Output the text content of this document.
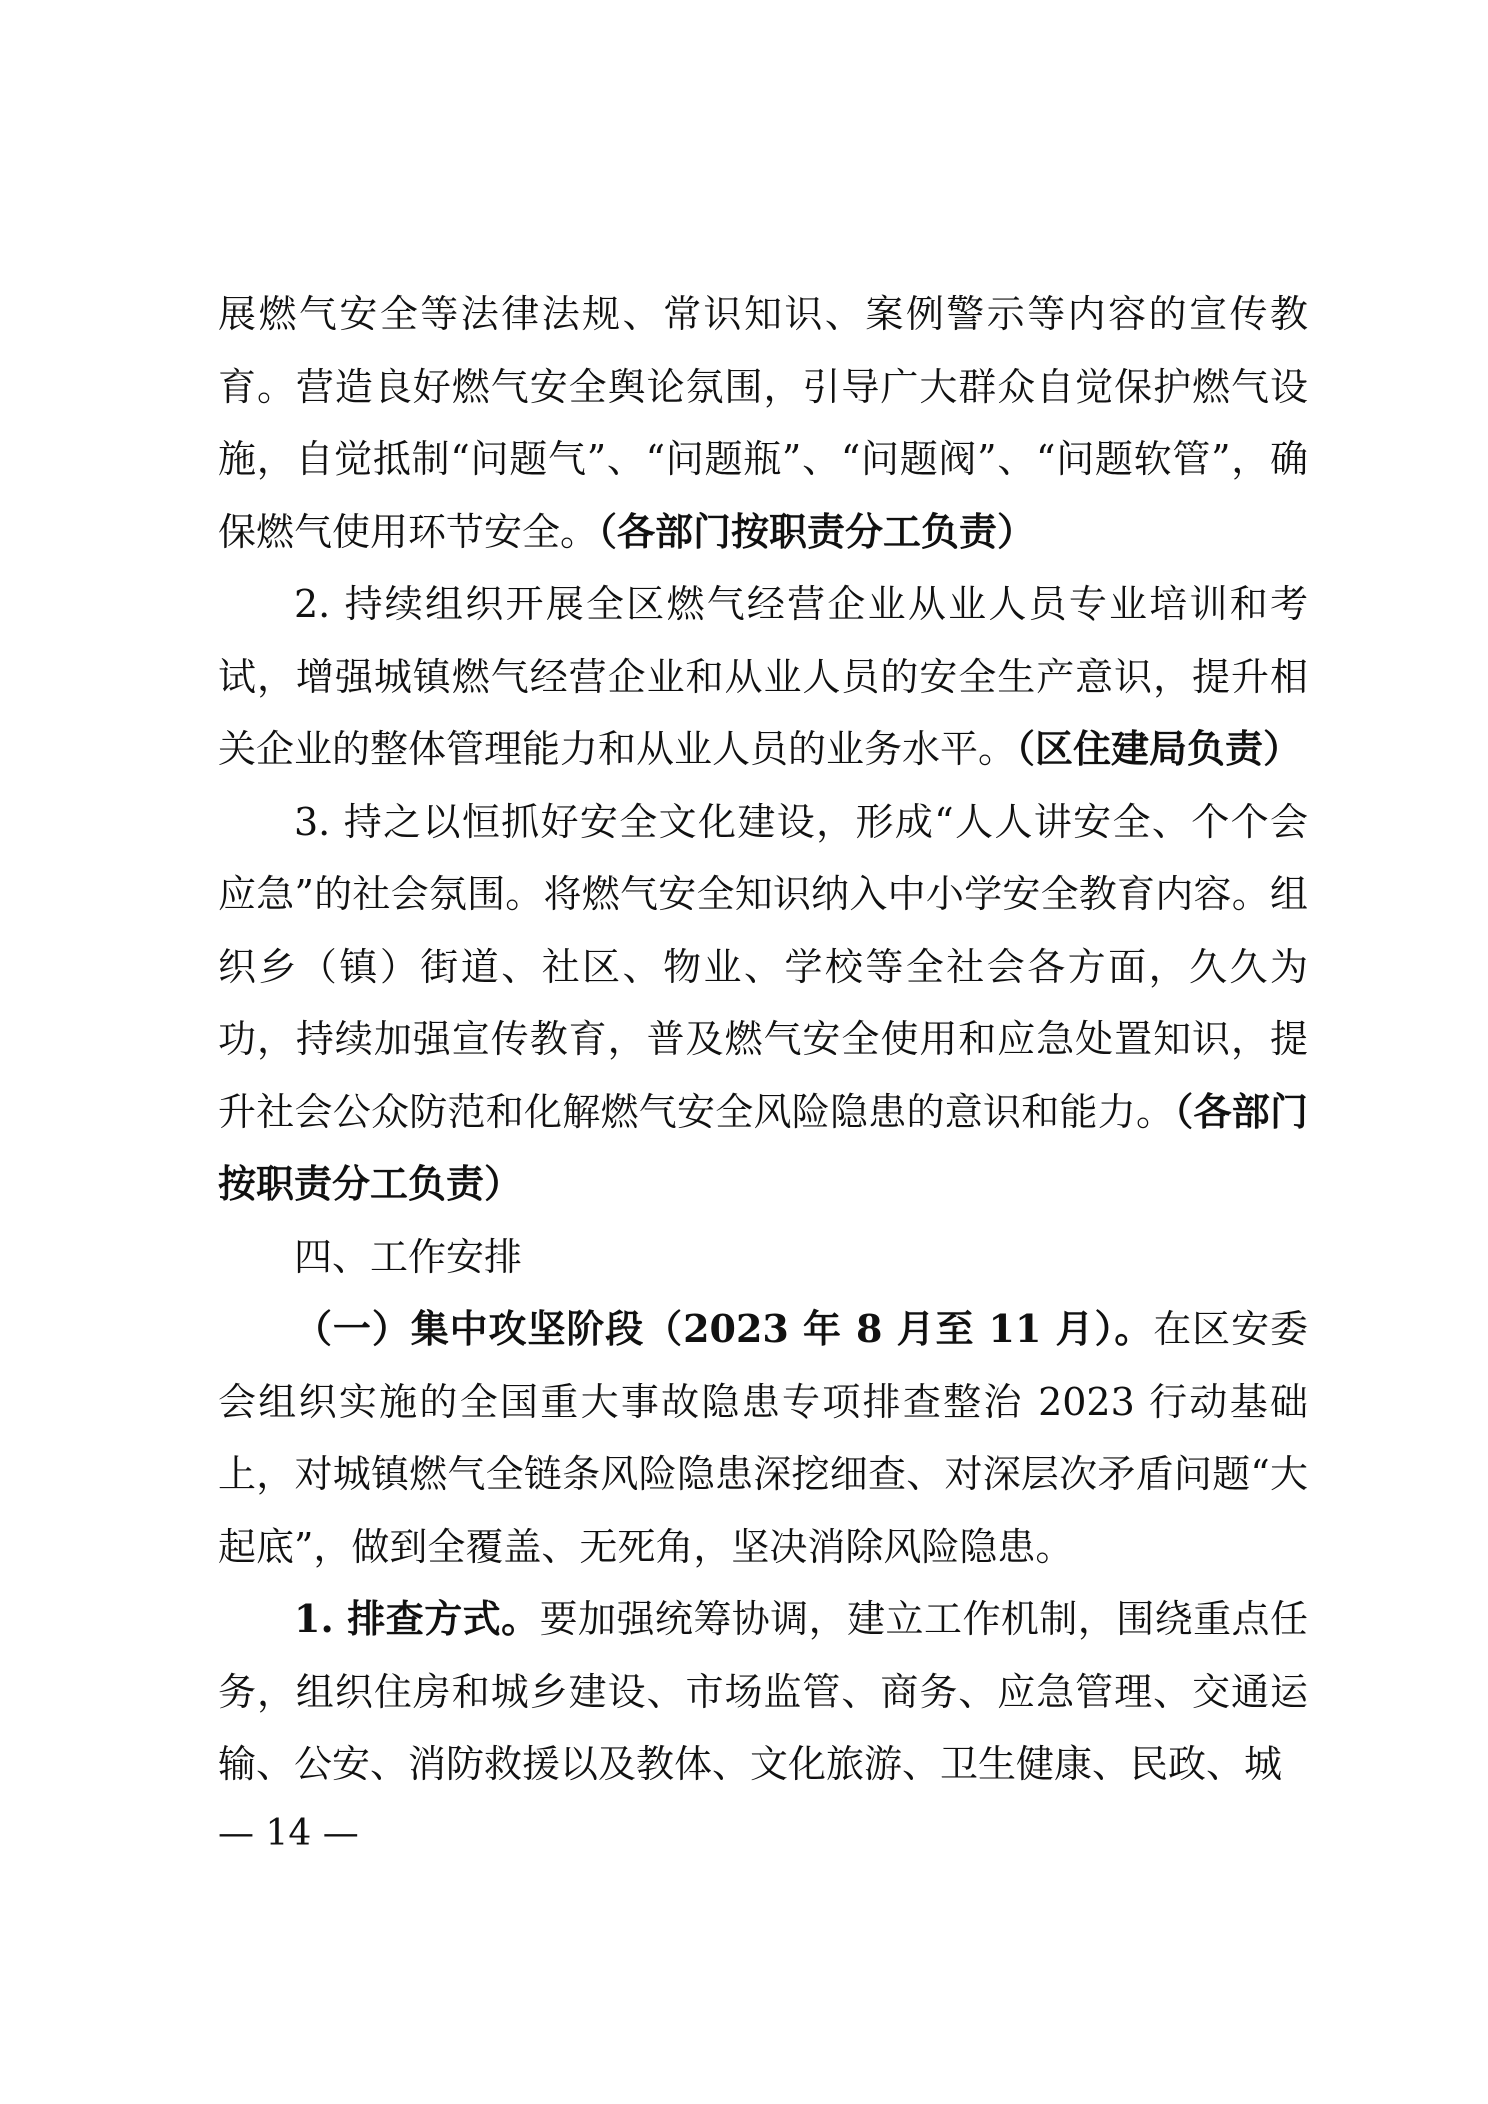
展燃气安全等法律法规、常识知识、案例警示等内容的宣传教育。营造良好燃气安全舆论氛围，引导广大群众自觉保护燃气设施，自觉抵制“问题气”、“问题瓶”、“问题阀”、“问题软管”，确保燃气使用环节安全。（各部门按职责分工负责）

2. 持续组织开展全区燃气经营企业从业人员专业培训和考试，增强城镇燃气经营企业和从业人员的安全生产意识，提升相关企业的整体管理能力和从业人员的业务水平。（区住建局负责）

3. 持之以恒抓好安全文化建设，形成“人人讲安全、个个会应急”的社会氛围。将燃气安全知识纳入中小学安全教育内容。组织乡（镇）街道、社区、物业、学校等全社会各方面，久久为功，持续加强宣传教育，普及燃气安全使用和应急处置知识，提升社会公众防范和化解燃气安全风险隐患的意识和能力。（各部门按职责分工负责）

四、工作安排

（一）集中攻坚阶段（2023 年 8 月至 11 月）。在区安委会组织实施的全国重大事故隐患专项排查整治 2023 行动基础上，对城镇燃气全链条风险隐患深挖细查、对深层次矛盾问题“大起底”，做到全覆盖、无死角，坚决消除风险隐患。

1. 排查方式。要加强统筹协调，建立工作机制，围绕重点任务，组织住房和城乡建设、市场监管、商务、应急管理、交通运输、公安、消防救援以及教体、文化旅游、卫生健康、民政、城

— 14 —
